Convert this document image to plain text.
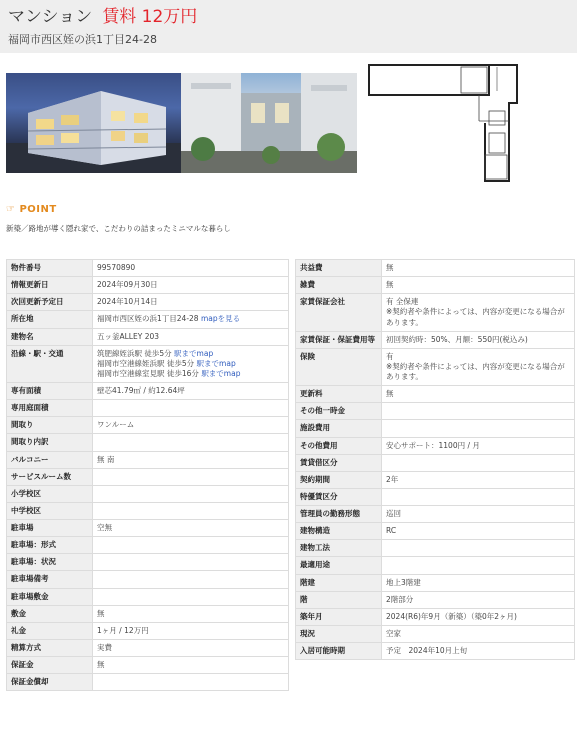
マンション 賃料 12万円
福岡市西区姪の浜1丁目24-28
☞ POINT
新築／路地が導く隠れ家で、こだわりの詰まったミニマルな暮らし
物件番号	99570890
情報更新日	2024年09月30日
次回更新予定日	2024年10月14日
所在地	福岡市西区姪の浜1丁目24-28 mapを見る
建物名	五ッ釜ALLEY 203
沿線・駅・交通	筑肥線姪浜駅 徒歩5分 駅までmap
福岡市空港線姪浜駅 徒歩5分 駅までmap
福岡市空港線室見駅 徒歩16分 駅までmap
専有面積	壁芯41.79㎡ / 約12.64坪
専用庭面積	
間取り	ワンルーム
間取り内訳	
バルコニー	無 南
サービスルーム数	
小学校区	
中学校区	
駐車場	空無
駐車場：形式	
駐車場：状況	
駐車場備考	
駐車場敷金	
敷金	無
礼金	1ヶ月 / 12万円
精算方式	実費
保証金	無
保証金償却	
共益費	無
雑費	無
家賃保証会社	有 全保連
※契約者や条件によっては、内容が変更になる場合があります。
家賃保証・保証費用等	初回契約時：50%、月額：550円(税込み)
保険	有
※契約者や条件によっては、内容が変更になる場合があります。
更新料	無
その他一時金	
施設費用	
その他費用	安心サポート：1100円 / 月
賃貸借区分	
契約期間	2年
特優賃区分	
管理員の勤務形態	巡回
建物構造	RC
建物工法	
最適用途	
階建	地上3階建
階	2階部分
築年月	2024(R6)年9月（新築）（築0年2ヶ月)
現況	空家
入居可能時期	予定　2024年10月上旬
